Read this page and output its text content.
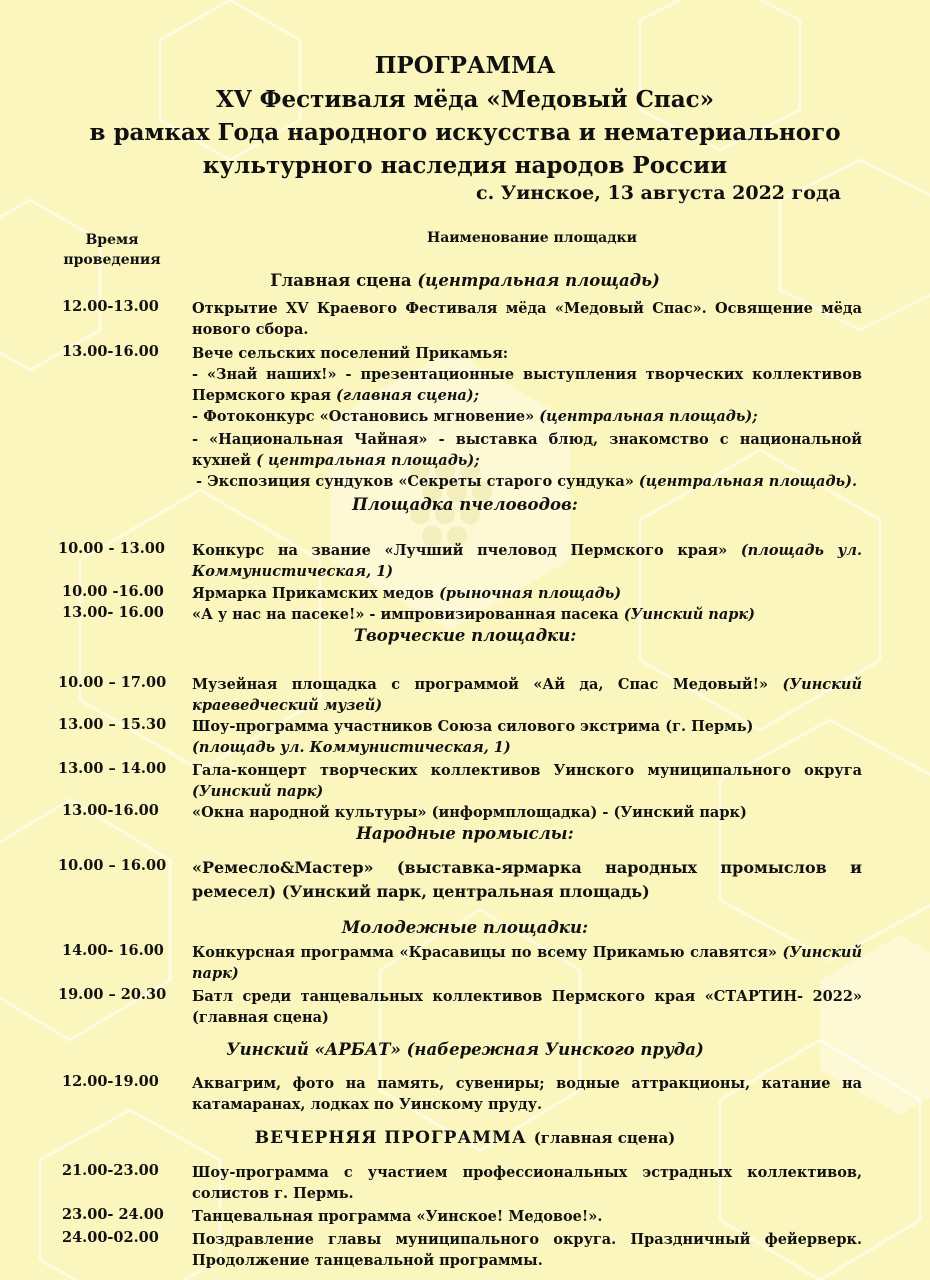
ПРОГРАММА
XV Фестиваля мёда «Медовый Спас»
в рамках Года народного искусства и нематериального
культурного наследия народов России
с. Уинское, 13 августа 2022 года
Время проведения
Наименование площадки
Главная сцена (центральная площадь)
12.00-13.00 Открытие XV Краевого Фестиваля мёда «Медовый Спас». Освящение мёда нового сбора.
13.00-16.00 Вече сельских поселений Прикамья:
- «Знай наших!» - презентационные выступления творческих коллективов Пермского края (главная сцена);
- Фотоконкурс «Остановись мгновение» (центральная площадь);
- «Национальная Чайная» - выставка блюд, знакомство с национальной кухней ( центральная площадь);
- Экспозиция сундуков «Секреты старого сундука» (центральная площадь).
Площадка пчеловодов:
10.00 - 13.00 Конкурс на звание «Лучший пчеловод Пермского края» (площадь ул. Коммунистическая, 1)
10.00 -16.00 Ярмарка Прикамских медов (рыночная площадь)
13.00- 16.00 «А у нас на пасеке!» - импровизированная пасека (Уинский парк)
Творческие площадки:
10.00 – 17.00 Музейная площадка с программой «Ай да, Спас Медовый!» (Уинский краеведческий музей)
13.00 – 15.30 Шоу-программа участников Союза силового экстрима (г. Пермь)
(площадь ул. Коммунистическая, 1)
13.00 – 14.00 Гала-концерт творческих коллективов Уинского муниципального округа (Уинский парк)
13.00-16.00 «Окна народной культуры» (информплощадка) - (Уинский парк)
Народные промыслы:
10.00 – 16.00 «Ремесло&Мастер» (выставка-ярмарка народных промыслов и ремесел) (Уинский парк, центральная площадь)
Молодежные площадки:
14.00- 16.00 Конкурсная программа «Красавицы по всему Прикамью славятся» (Уинский парк)
19.00 – 20.30 Батл среди танцевальных коллективов Пермского края «СТАРТИН- 2022» (главная сцена)
Уинский «АРБАТ» (набережная Уинского пруда)
12.00-19.00 Аквагрим, фото на память, сувениры; водные аттракционы, катание на катамаранах, лодках по Уинскому пруду.
ВЕЧЕРНЯЯ ПРОГРАММА (главная сцена)
21.00-23.00 Шоу-программа с участием профессиональных эстрадных коллективов, солистов г. Пермь.
23.00- 24.00 Танцевальная программа «Уинское! Медовое!».
24.00-02.00 Поздравление главы муниципального округа. Праздничный фейерверк. Продолжение танцевальной программы.
